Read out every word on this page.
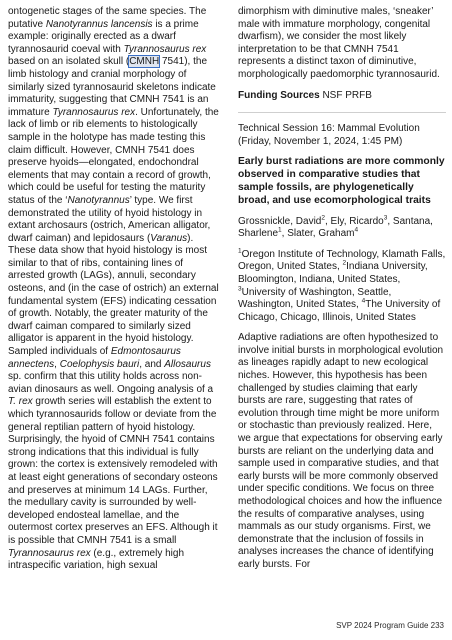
ontogenetic stages of the same species. The putative Nanotyrannus lancensis is a prime example: originally erected as a dwarf tyrannosaurid coeval with Tyrannosaurus rex based on an isolated skull (CMNH 7541), the limb histology and cranial morphology of similarly sized tyrannosaurid skeletons indicate immaturity, suggesting that CMNH 7541 is an immature Tyrannosaurus rex. Unfortunately, the lack of limb or rib elements to histologically sample in the holotype has made testing this claim difficult. However, CMNH 7541 does preserve hyoids—elongated, endochondral elements that may contain a record of growth, which could be useful for testing the maturity status of the ‘Nanotyrannus’ type. We first demonstrated the utility of hyoid histology in extant archosaurs (ostrich, American alligator, dwarf caiman) and lepidosaurs (Varanus). These data show that hyoid histology is most similar to that of ribs, containing lines of arrested growth (LAGs), annuli, secondary osteons, and (in the case of ostrich) an external fundamental system (EFS) indicating cessation of growth. Notably, the greater maturity of the dwarf caiman compared to similarly sized alligator is apparent in the hyoid histology. Sampled individuals of Edmontosaurus annectens, Coelophysis bauri, and Allosaurus sp. confirm that this utility holds across non-avian dinosaurs as well. Ongoing analysis of a T. rex growth series will establish the extent to which tyrannosaurids follow or deviate from the general reptilian pattern of hyoid histology. Surprisingly, the hyoid of CMNH 7541 contains strong indications that this individual is fully grown: the cortex is extensively remodeled with at least eight generations of secondary osteons and preserves at minimum 14 LAGs. Further, the medullary cavity is surrounded by well-developed endosteal lamellae, and the outermost cortex preserves an EFS. Although it is possible that CMNH 7541 is a small Tyrannosaurus rex (e.g., extremely high intraspecific variation, high sexual

dimorphism with diminutive males, ‘sneaker’ male with immature morphology, congenital dwarfism), we consider the most likely interpretation to be that CMNH 7541 represents a distinct taxon of diminutive, morphologically paedomorphic tyrannosaurid.

Funding Sources NSF PRFB

Technical Session 16: Mammal Evolution (Friday, November 1, 2024, 1:45 PM)

Early burst radiations are more commonly observed in comparative studies that sample fossils, are phylogenetically broad, and use ecomorphological traits

Grossnickle, David$^2$, Ely, Ricardo$^3$, Santana, Sharlene$^1$, Slater, Graham$^4$

$^1$Oregon Institute of Technology, Klamath Falls, Oregon, United States, $^2$Indiana University, Bloomington, Indiana, United States, $^3$University of Washington, Seattle, Washington, United States, $^4$The University of Chicago, Chicago, Illinois, United States

Adaptive radiations are often hypothesized to involve initial bursts in morphological evolution as lineages rapidly adapt to new ecological niches. However, this hypothesis has been challenged by studies claiming that early bursts are rare, suggesting that rates of evolution through time might be more uniform or stochastic than previously realized. Here, we argue that expectations for observing early bursts are reliant on the underlying data and sample used in comparative studies, and that early bursts will be more commonly observed under specific conditions. We focus on three methodological choices and how the influence the results of comparative analyses, using mammals as our study organisms. First, we demonstrate that the inclusion of fossils in analyses increases the chance of identifying early bursts. For

SVP 2024 Program Guide 233
